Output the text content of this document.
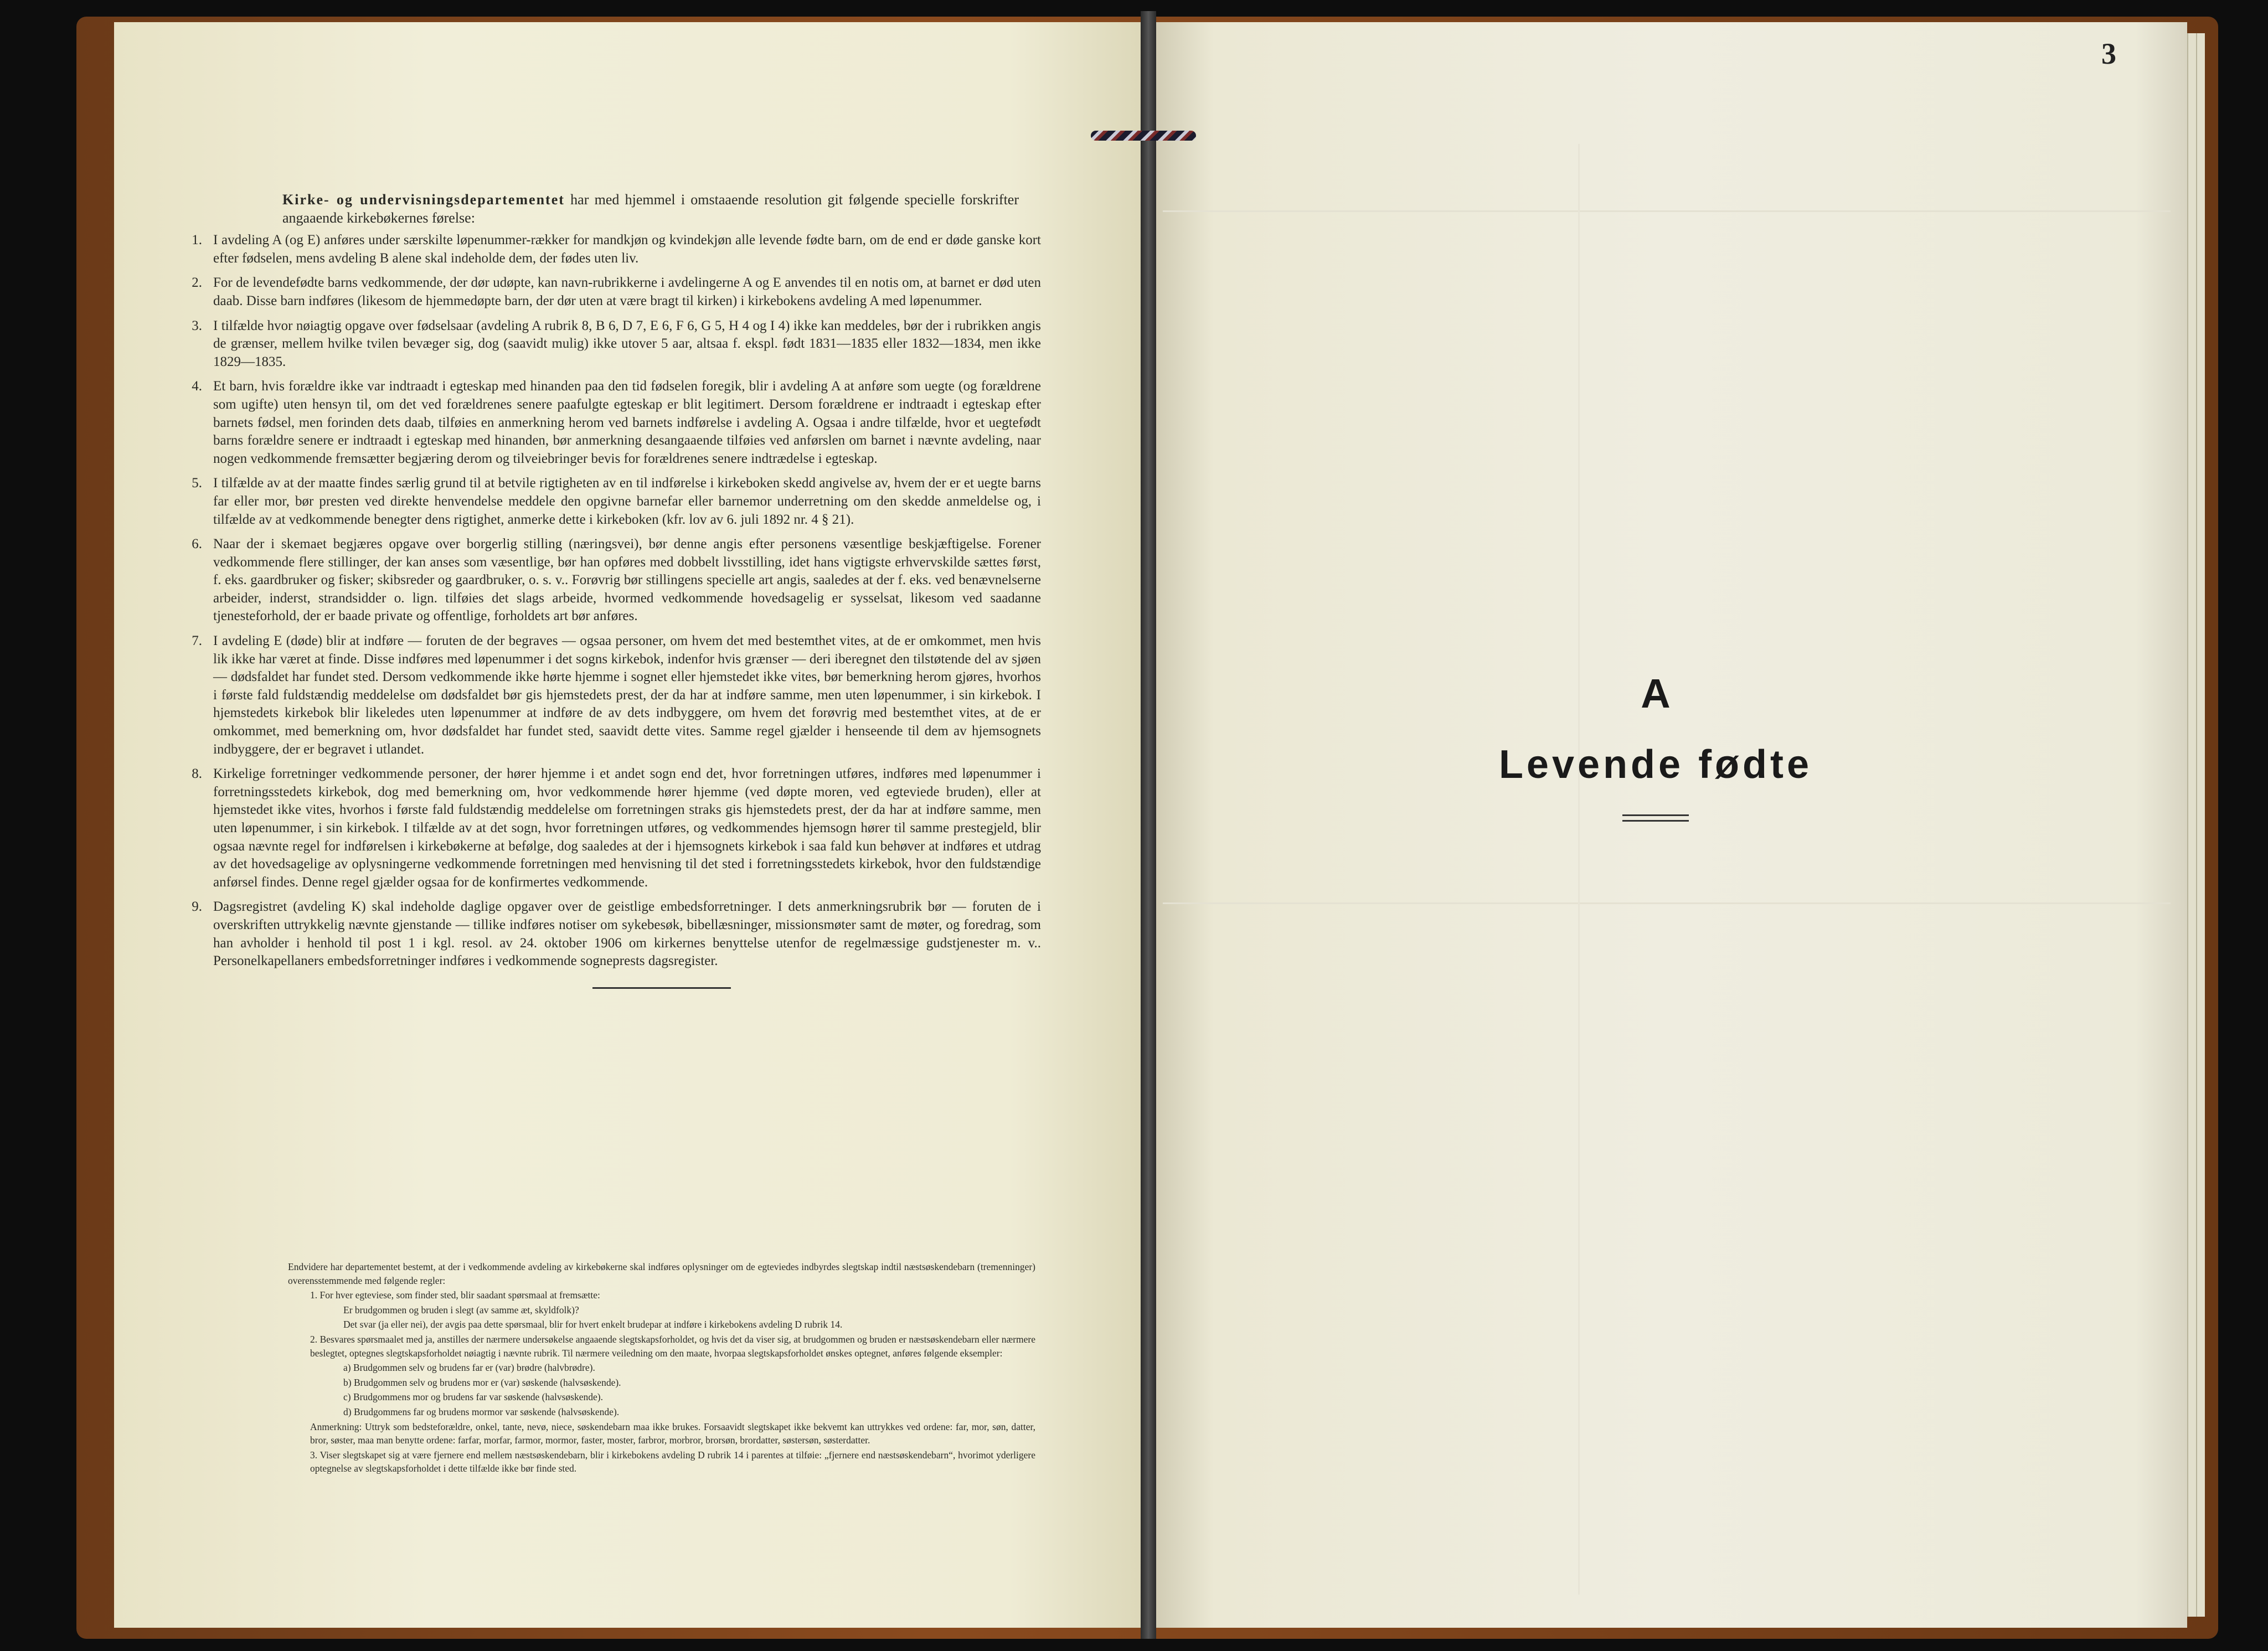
Kirke- og undervisningsdepartementet har med hjemmel i omstaaende resolution git følgende specielle forskrifter angaaende kirkebøkernes førelse:

1. I avdeling A (og E) anføres under særskilte løpenummer-rækker for mandkjøn og kvindekjøn alle levende fødte barn, om de end er døde ganske kort efter fødselen, mens avdeling B alene skal indeholde dem, der fødes uten liv.
2. For de levendefødte barns vedkommende, der dør udøpte, kan navn-rubrikkerne i avdelingerne A og E anvendes til en notis om, at barnet er død uten daab. Disse barn indføres (likesom de hjemmedøpte barn, der dør uten at være bragt til kirken) i kirkebokens avdeling A med løpenummer.
3. I tilfælde hvor nøiagtig opgave over fødselsaar (avdeling A rubrik 8, B 6, D 7, E 6, F 6, G 5, H 4 og I 4) ikke kan meddeles, bør der i rubrikken angis de grænser, mellem hvilke tvilen bevæger sig, dog (saavidt mulig) ikke utover 5 aar, altsaa f. ekspl. født 1831—1835 eller 1832—1834, men ikke 1829—1835.
4. Et barn, hvis forældre ikke var indtraadt i egteskap med hinanden paa den tid fødselen foregik, blir i avdeling A at anføre som uegte (og forældrene som ugifte) uten hensyn til, om det ved forældrenes senere paafulgte egteskap er blit legitimert. Dersom forældrene er indtraadt i egteskap efter barnets fødsel, men forinden dets daab, tilføies en anmerkning herom ved barnets indførelse i avdeling A. Ogsaa i andre tilfælde, hvor et uegtefødt barns forældre senere er indtraadt i egteskap med hinanden, bør anmerkning desangaaende tilføies ved anførslen om barnet i nævnte avdeling, naar nogen vedkommende fremsætter begjæring derom og tilveiebringer bevis for forældrenes senere indtrædelse i egteskap.
5. I tilfælde av at der maatte findes særlig grund til at betvile rigtigheten av en til indførelse i kirkeboken skedd angivelse av, hvem der er et uegte barns far eller mor, bør presten ved direkte henvendelse meddele den opgivne barnefar eller barnemor underretning om den skedde anmeldelse og, i tilfælde av at vedkommende benegter dens rigtighet, anmerke dette i kirkeboken (kfr. lov av 6. juli 1892 nr. 4 § 21).
6. Naar der i skemaet begjæres opgave over borgerlig stilling (næringsvei), bør denne angis efter personens væsentlige beskjæftigelse. Forener vedkommende flere stillinger, der kan anses som væsentlige, bør han opføres med dobbelt livsstilling, idet hans vigtigste erhvervskilde sættes først, f. eks. gaardbruker og fisker; skibsreder og gaardbruker, o. s. v.. Forøvrig bør stillingens specielle art angis, saaledes at der f. eks. ved benævnelserne arbeider, inderst, strandsidder o. lign. tilføies det slags arbeide, hvormed vedkommende hovedsagelig er sysselsat, likesom ved saadanne tjenesteforhold, der er baade private og offentlige, forholdets art bør anføres.
7. I avdeling E (døde) blir at indføre — foruten de der begraves — ogsaa personer, om hvem det med bestemthet vites, at de er omkommet, men hvis lik ikke har været at finde. Disse indføres med løpenummer i det sogns kirkebok, indenfor hvis grænser — deri iberegnet den tilstøtende del av sjøen — dødsfaldet har fundet sted. Dersom vedkommende ikke hørte hjemme i sognet eller hjemstedet ikke vites, bør bemerkning herom gjøres, hvorhos i første fald fuldstændig meddelelse om dødsfaldet bør gis hjemstedets prest, der da har at indføre samme, men uten løpenummer, i sin kirkebok. I hjemstedets kirkebok blir likeledes uten løpenummer at indføre de av dets indbyggere, om hvem det forøvrig med bestemthet vites, at de er omkommet, med bemerkning om, hvor dødsfaldet har fundet sted, saavidt dette vites. Samme regel gjælder i henseende til dem av hjemsognets indbyggere, der er begravet i utlandet.
8. Kirkelige forretninger vedkommende personer, der hører hjemme i et andet sogn end det, hvor forretningen utføres, indføres med løpenummer i forretningsstedets kirkebok, dog med bemerkning om, hvor vedkommende hører hjemme (ved døpte moren, ved egteviede bruden), eller at hjemstedet ikke vites, hvorhos i første fald fuldstændig meddelelse om forretningen straks gis hjemstedets prest, der da har at indføre samme, men uten løpenummer, i sin kirkebok. I tilfælde av at det sogn, hvor forretningen utføres, og vedkommendes hjemsogn hører til samme prestegjeld, blir ogsaa nævnte regel for indførelsen i kirkebøkerne at befølge, dog saaledes at der i hjemsognets kirkebok i saa fald kun behøver at indføres et utdrag av det hovedsagelige av oplysningerne vedkommende forretningen med henvisning til det sted i forretningsstedets kirkebok, hvor den fuldstændige anførsel findes. Denne regel gjælder ogsaa for de konfirmertes vedkommende.
9. Dagsregistret (avdeling K) skal indeholde daglige opgaver over de geistlige embedsforretninger. I dets anmerkningsrubrik bør — foruten de i overskriften uttrykkelig nævnte gjenstande — tillike indføres notiser om sykebesøk, bibellæsninger, missionsmøter samt de møter, og foredrag, som han avholder i henhold til post 1 i kgl. resol. av 24. oktober 1906 om kirkernes benyttelse utenfor de regelmæssige gudstjenester m. v.. Personelkapellaners embedsforretninger indføres i vedkommende sogneprests dagsregister.

Endvidere har departementet bestemt, at der i vedkommende avdeling av kirkebøkerne skal indføres oplysninger om de egteviedes indbyrdes slegtskap indtil næstsøskendebarn (tremenninger) overensstemmende med følgende regler:

1. For hver egteviese, som finder sted, blir saadant spørsmaal at fremsætte:

Er brudgommen og bruden i slegt (av samme æt, skyldfolk)?

Det svar (ja eller nei), der avgis paa dette spørsmaal, blir for hvert enkelt brudepar at indføre i kirkebokens avdeling D rubrik 14.

2. Besvares spørsmaalet med ja, anstilles der nærmere undersøkelse angaaende slegtskapsforholdet, og hvis det da viser sig, at brudgommen og bruden er næstsøskendebarn eller nærmere beslegtet, optegnes slegtskapsforholdet nøiagtig i nævnte rubrik. Til nærmere veiledning om den maate, hvorpaa slegtskapsforholdet ønskes optegnet, anføres følgende eksempler:

a) Brudgommen selv og brudens far er (var) brødre (halvbrødre).

b) Brudgommen selv og brudens mor er (var) søskende (halvsøskende).

c) Brudgommens mor og brudens far var søskende (halvsøskende).

d) Brudgommens far og brudens mormor var søskende (halvsøskende).

Anmerkning: Uttryk som bedsteforældre, onkel, tante, nevø, niece, søskendebarn maa ikke brukes. Forsaavidt slegtskapet ikke bekvemt kan uttrykkes ved ordene: far, mor, søn, datter, bror, søster, maa man benytte ordene: farfar, morfar, farmor, mormor, faster, moster, farbror, morbror, brorsøn, brordatter, søstersøn, søsterdatter.

3. Viser slegtskapet sig at være fjernere end mellem næstsøskendebarn, blir i kirkebokens avdeling D rubrik 14 i parentes at tilføie: „fjernere end næstsøskendebarn“, hvorimot yderligere optegnelse av slegtskapsforholdet i dette tilfælde ikke bør finde sted.

3

A
Levende fødte
